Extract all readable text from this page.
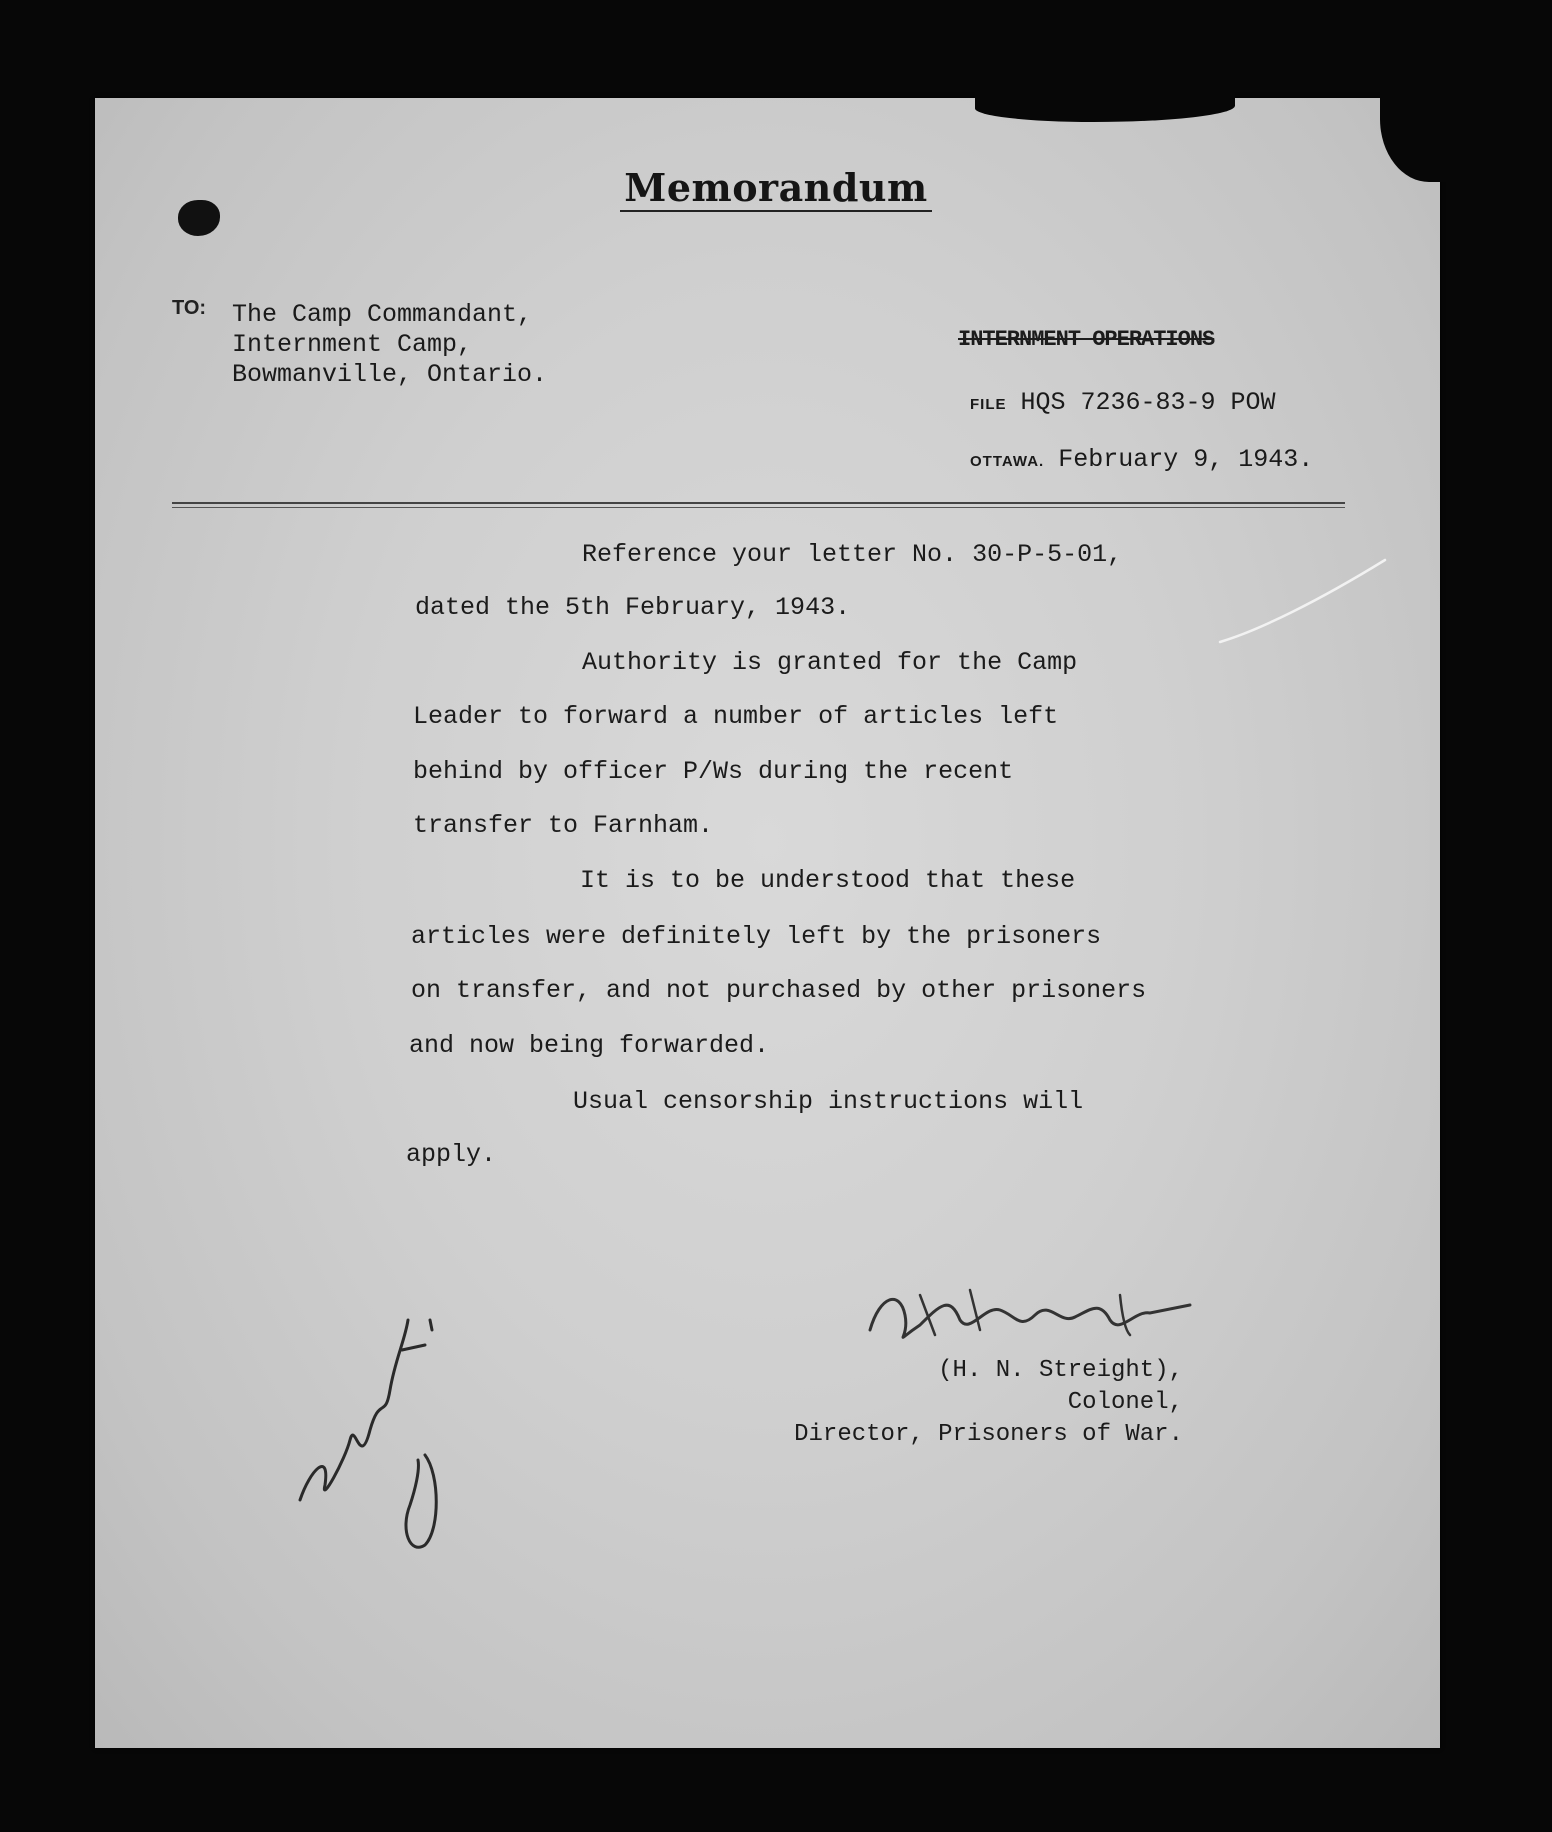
Memorandum
TO: The Camp Commandant,
Internment Camp,
Bowmanville, Ontario.
INTERNMENT OPERATIONS
FILE HQS 7236-83-9 POW
OTTAWA. February 9, 1943.
Reference your letter No. 30-P-5-01,
dated the 5th February, 1943.
Authority is granted for the Camp
Leader to forward a number of articles left
behind by officer P/Ws during the recent
transfer to Farnham.
It is to be understood that these
articles were definitely left by the prisoners
on transfer, and not purchased by other prisoners
and now being forwarded.
Usual censorship instructions will
apply.
(H. N. Streight),
Colonel,
Director, Prisoners of War.
